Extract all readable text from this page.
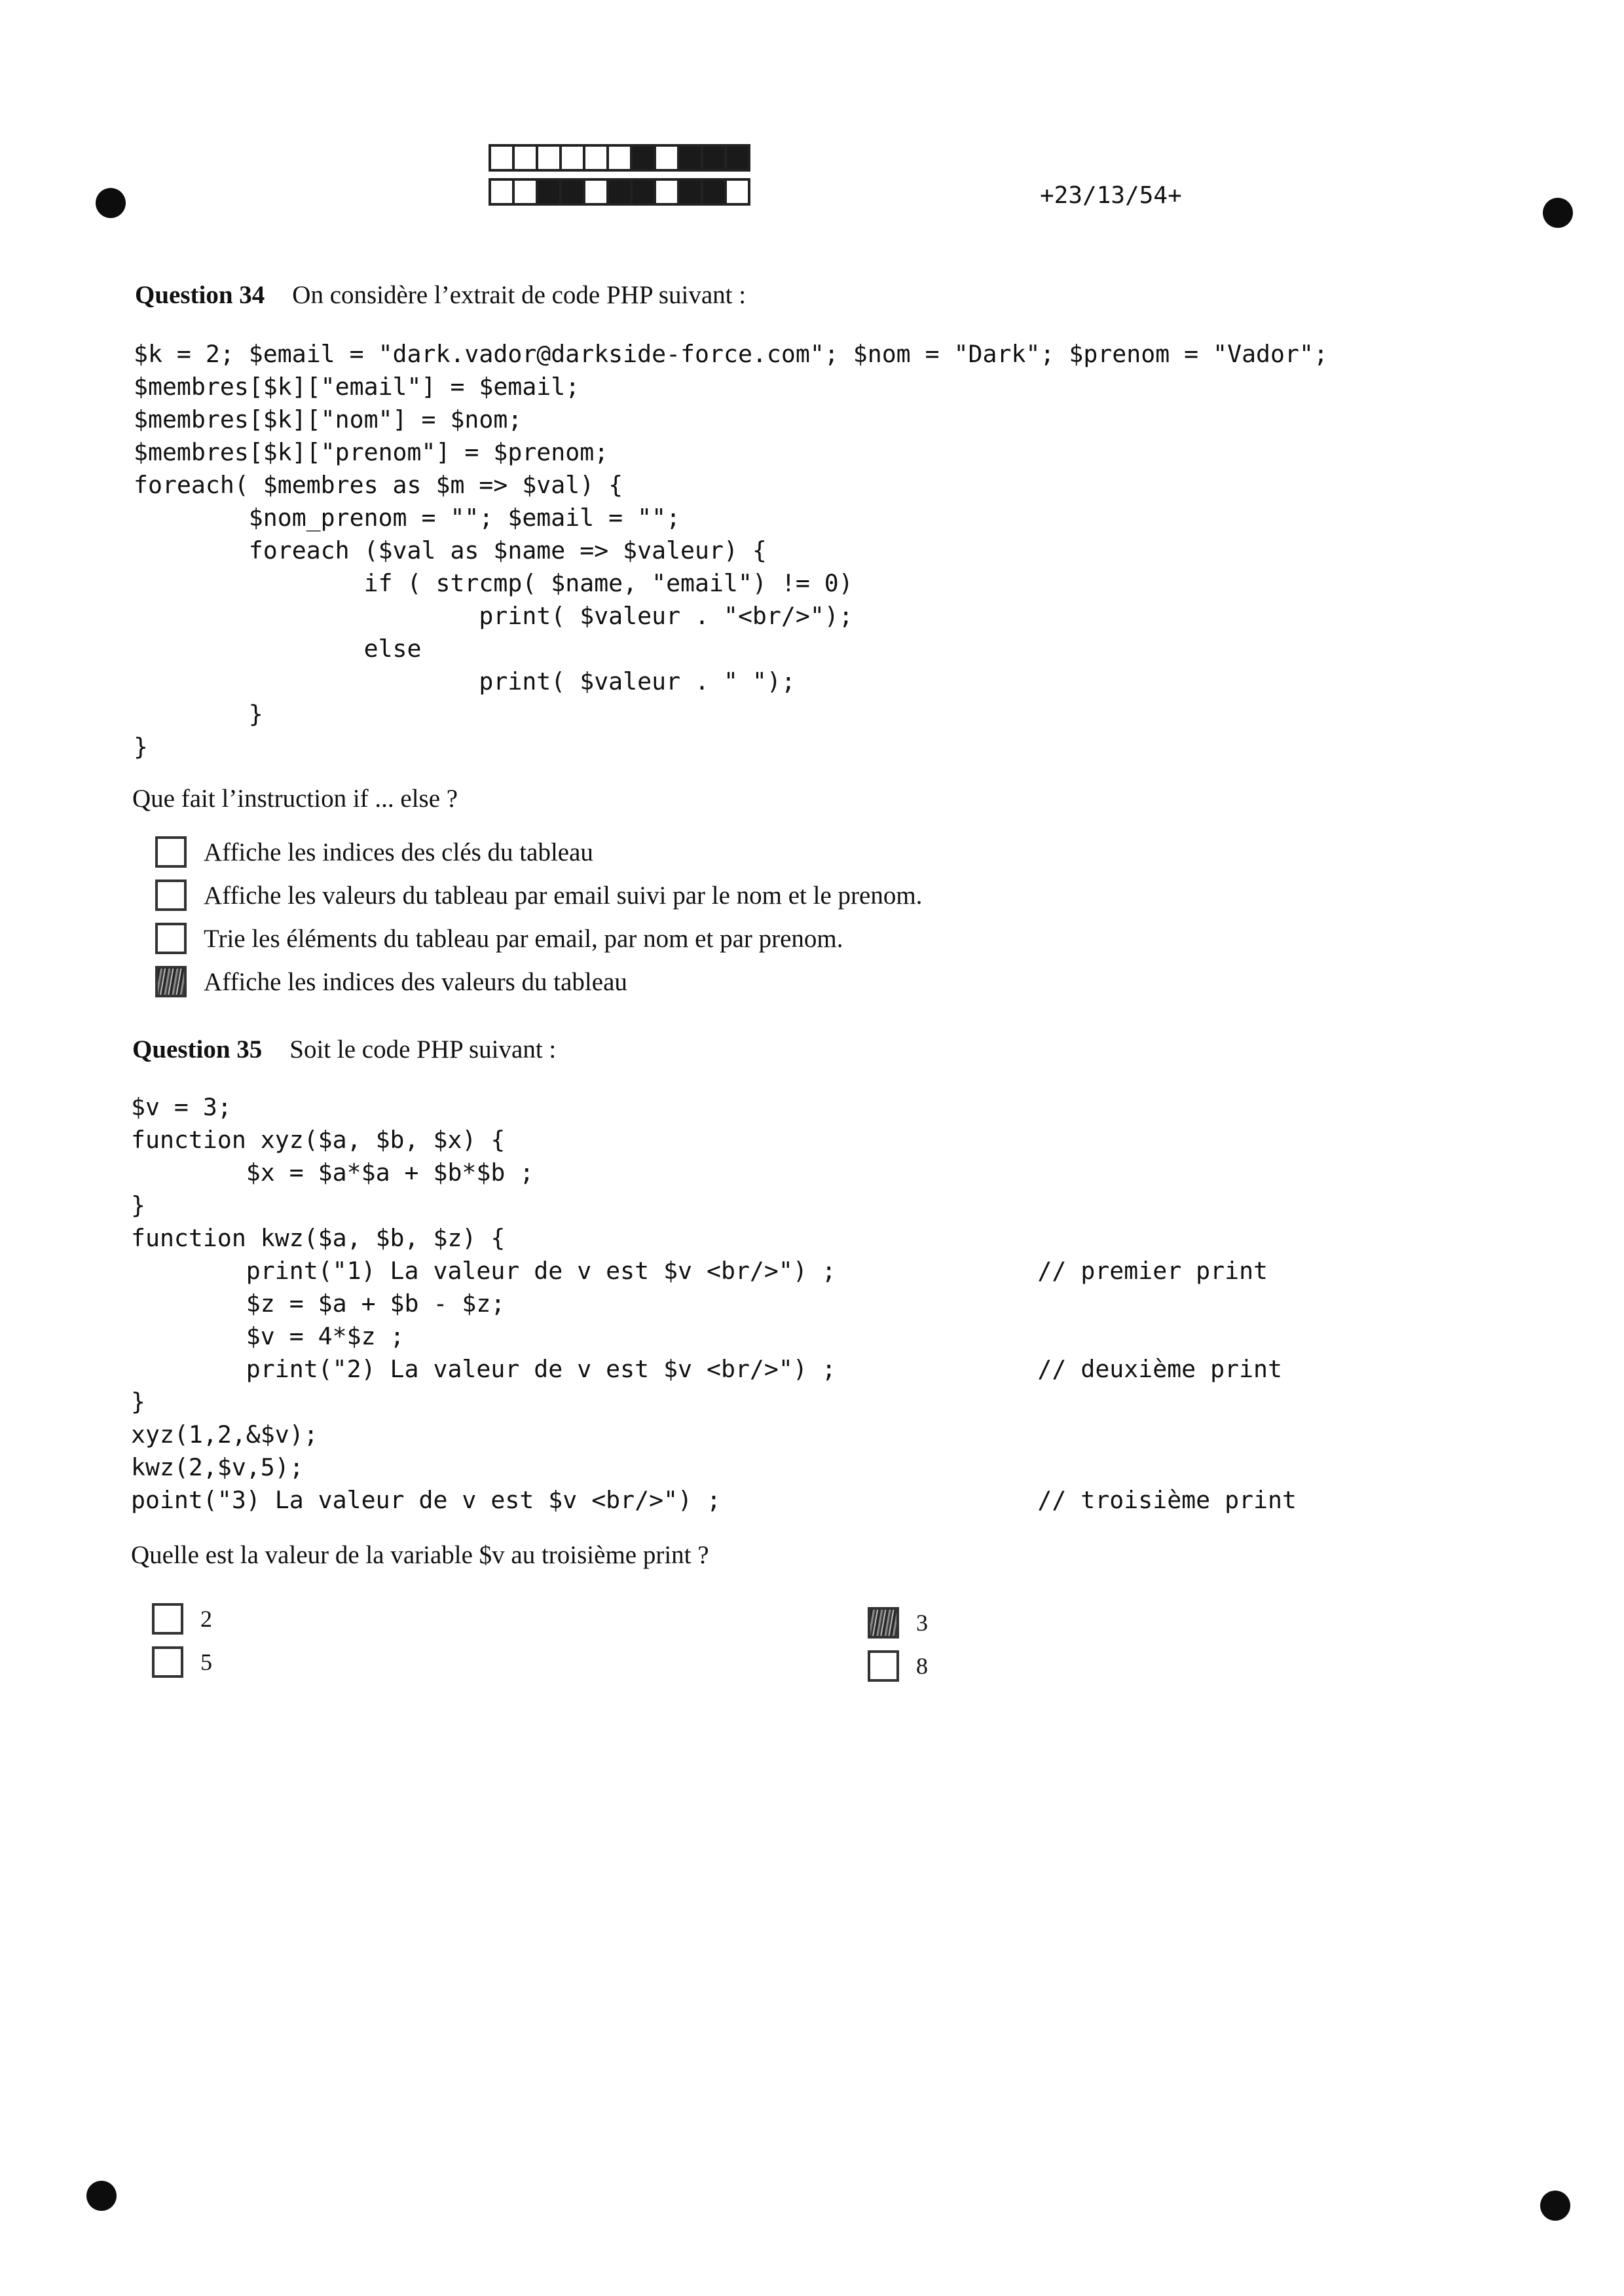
+23/13/54+
Question 34 On considère l’extrait de code PHP suivant :
$k = 2; $email = "dark.vador@darkside-force.com"; $nom = "Dark"; $prenom = "Vador";
$membres[$k]["email"] = $email;
$membres[$k]["nom"] = $nom;
$membres[$k]["prenom"] = $prenom;
foreach( $membres as $m => $val) {
$nom_prenom = ""; $email = "";
foreach ($val as $name => $valeur) {
if ( strcmp( $name, "email") != 0)
print( $valeur . "<br/>");
else
print( $valeur . " ");
}
}
Que fait l’instruction if ... else ?
Affiche les indices des clés du tableau
Affiche les valeurs du tableau par email suivi par le nom et le prenom.
Trie les éléments du tableau par email, par nom et par prenom.
Affiche les indices des valeurs du tableau
Question 35 Soit le code PHP suivant :
$v = 3;
function xyz($a, $b, $x) {
$x = $a*$a + $b*$b ;
}
function kwz($a, $b, $z) {
print("1) La valeur de v est $v <br/>") ;              // premier print
$z = $a + $b - $z;
$v = 4*$z ;
print("2) La valeur de v est $v <br/>") ;              // deuxième print
}
xyz(1,2,&$v);
kwz(2,$v,5);
point("3) La valeur de v est $v <br/>") ;                      // troisième print
Quelle est la valeur de la variable $v au troisième print ?
2	3
5	8
